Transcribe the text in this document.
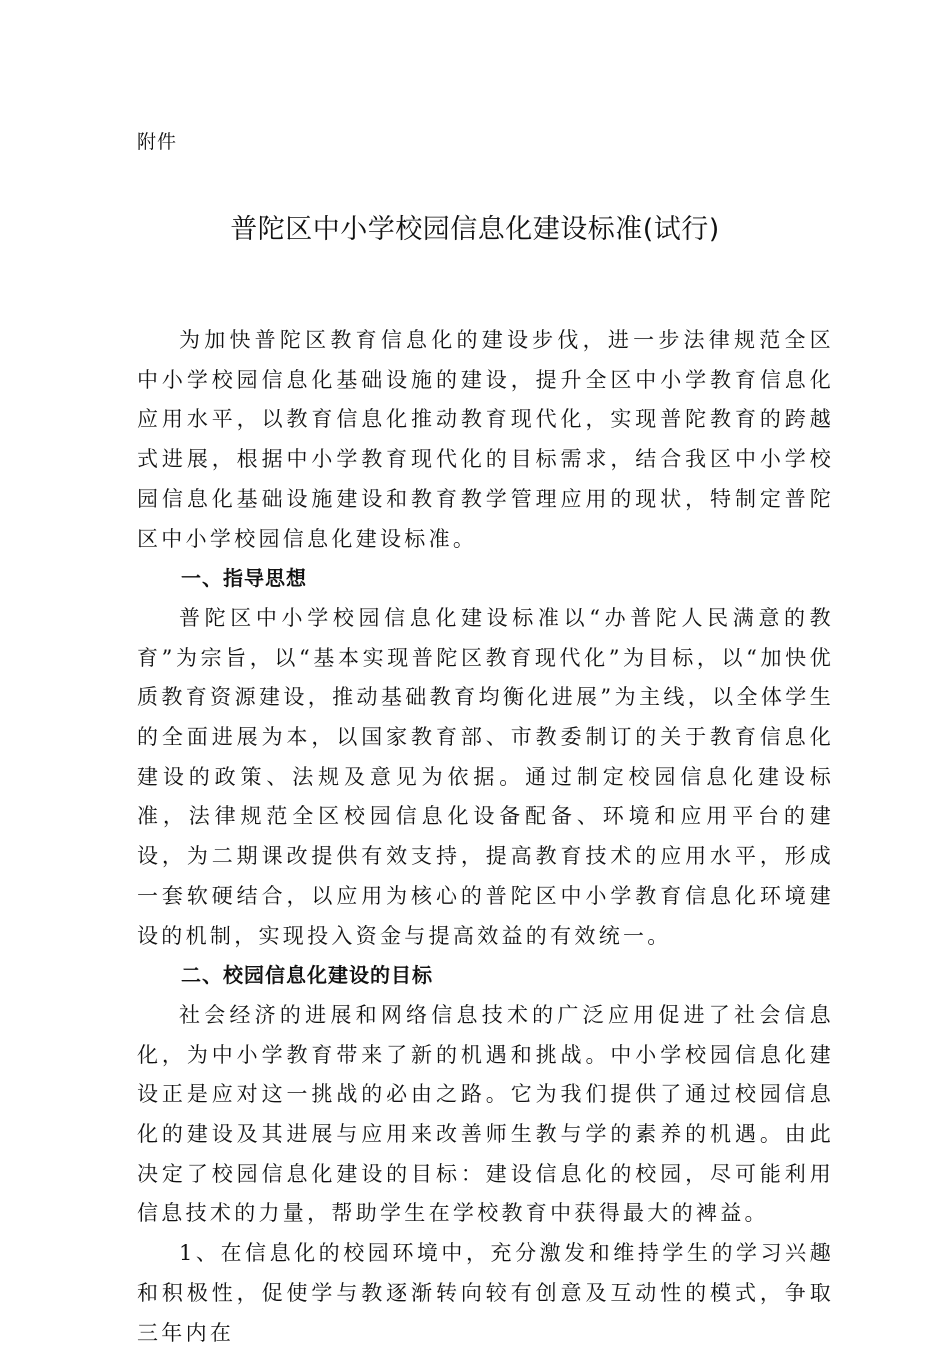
附件
普陀区中小学校园信息化建设标准(试行)

为加快普陀区教育信息化的建设步伐，进一步法律规范全区中小学校园信息化基础设施的建设，提升全区中小学教育信息化应用水平，以教育信息化推动教育现代化，实现普陀教育的跨越式进展，根据中小学教育现代化的目标需求，结合我区中小学校园信息化基础设施建设和教育教学管理应用的现状，特制定普陀区中小学校园信息化建设标准。

一、指导思想

普陀区中小学校园信息化建设标准以“办普陀人民满意的教育”为宗旨，以“基本实现普陀区教育现代化”为目标，以“加快优质教育资源建设，推动基础教育均衡化进展”为主线，以全体学生的全面进展为本，以国家教育部、市教委制订的关于教育信息化建设的政策、法规及意见为依据。通过制定校园信息化建设标准，法律规范全区校园信息化设备配备、环境和应用平台的建设，为二期课改提供有效支持，提高教育技术的应用水平，形成一套软硬结合，以应用为核心的普陀区中小学教育信息化环境建设的机制，实现投入资金与提高效益的有效统一。

二、校园信息化建设的目标

社会经济的进展和网络信息技术的广泛应用促进了社会信息化，为中小学教育带来了新的机遇和挑战。中小学校园信息化建设正是应对这一挑战的必由之路。它为我们提供了通过校园信息化的建设及其进展与应用来改善师生教与学的素养的机遇。由此决定了校园信息化建设的目标：建设信息化的校园，尽可能利用信息技术的力量，帮助学生在学校教育中获得最大的裨益。

1、在信息化的校园环境中，充分激发和维持学生的学习兴趣和积极性，促使学与教逐渐转向较有创意及互动性的模式，争取三年内在
